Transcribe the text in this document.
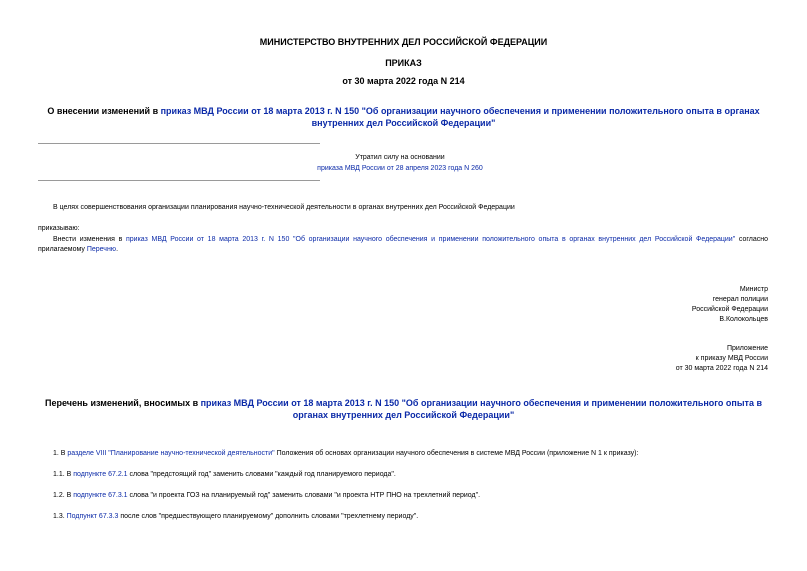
МИНИСТЕРСТВО ВНУТРЕННИХ ДЕЛ РОССИЙСКОЙ ФЕДЕРАЦИИ
ПРИКАЗ
от 30 марта 2022 года N 214
О внесении изменений в приказ МВД России от 18 марта 2013 г. N 150 "Об организации научного обеспечения и применении положительного опыта в органах внутренних дел Российской Федерации"
Утратил силу на основании
приказа МВД России от 28 апреля 2023 года N 260
В целях совершенствования организации планирования научно-технической деятельности в органах внутренних дел Российской Федерации
приказываю:
Внести изменения в приказ МВД России от 18 марта 2013 г. N 150 "Об организации научного обеспечения и применении положительного опыта в органах внутренних дел Российской Федерации" согласно прилагаемому Перечню.
Министр
генерал полиции
Российской Федерации
В.Колокольцев
Приложение
к приказу МВД России
от 30 марта 2022 года N 214
Перечень изменений, вносимых в приказ МВД России от 18 марта 2013 г. N 150 "Об организации научного обеспечения и применении положительного опыта в органах внутренних дел Российской Федерации"
1. В разделе VIII "Планирование научно-технической деятельности" Положения об основах организации научного обеспечения в системе МВД России (приложение N 1 к приказу):
1.1. В подпункте 67.2.1 слова "предстоящий год" заменить словами "каждый год планируемого периода".
1.2. В подпункте 67.3.1 слова "и проекта ГОЗ на планируемый год" заменить словами "и проекта НТР ПНО на трехлетний период".
1.3. Подпункт 67.3.3 после слов "предшествующего планируемому" дополнить словами "трехлетнему периоду".
